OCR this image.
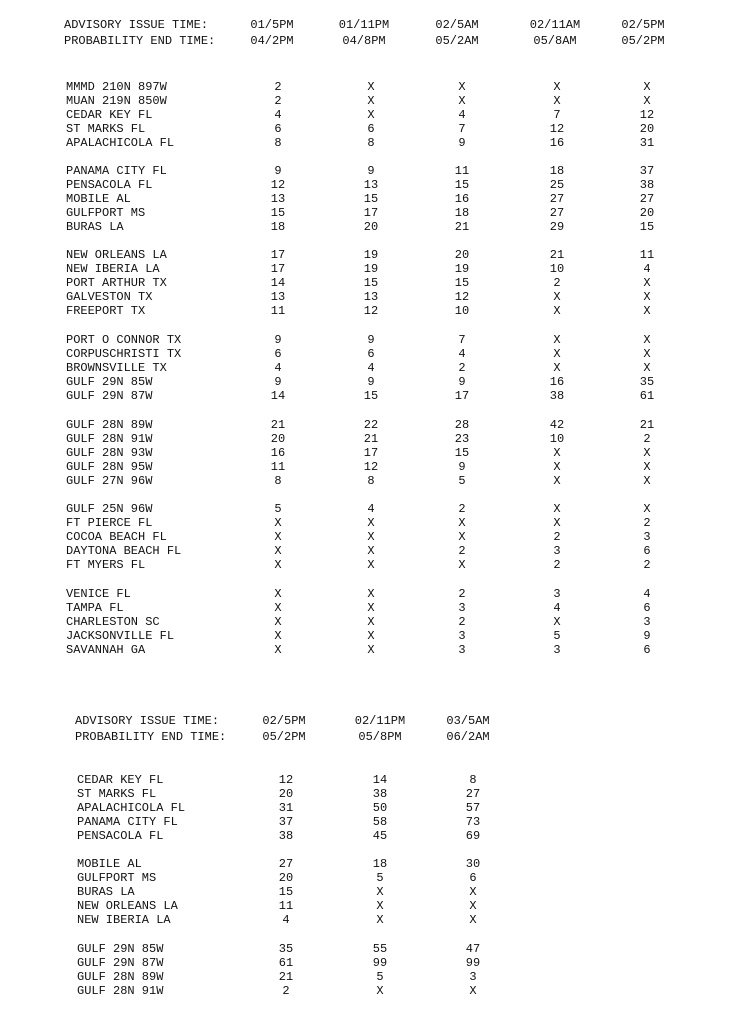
ADVISORY ISSUE TIME:	01/5PM	01/11PM	02/5AM	02/11AM	02/5PM
PROBABILITY END TIME:	04/2PM	04/8PM	05/2AM	05/8AM	05/2PM
MMMD 210N 897W	2	X	X	X	X
MUAN 219N 850W	2	X	X	X	X
CEDAR KEY FL	4	X	4	7	12
ST MARKS FL	6	6	7	12	20
APALACHICOLA FL	8	8	9	16	31
PANAMA CITY FL	9	9	11	18	37
PENSACOLA FL	12	13	15	25	38
MOBILE AL	13	15	16	27	27
GULFPORT MS	15	17	18	27	20
BURAS LA	18	20	21	29	15
NEW ORLEANS LA	17	19	20	21	11
NEW IBERIA LA	17	19	19	10	4
PORT ARTHUR TX	14	15	15	2	X
GALVESTON TX	13	13	12	X	X
FREEPORT TX	11	12	10	X	X
PORT O CONNOR TX	9	9	7	X	X
CORPUSCHRISTI TX	6	6	4	X	X
BROWNSVILLE TX	4	4	2	X	X
GULF 29N 85W	9	9	9	16	35
GULF 29N 87W	14	15	17	38	61
GULF 28N 89W	21	22	28	42	21
GULF 28N 91W	20	21	23	10	2
GULF 28N 93W	16	17	15	X	X
GULF 28N 95W	11	12	9	X	X
GULF 27N 96W	8	8	5	X	X
GULF 25N 96W	5	4	2	X	X
FT PIERCE FL	X	X	X	X	2
COCOA BEACH FL	X	X	X	2	3
DAYTONA BEACH FL	X	X	2	3	6
FT MYERS FL	X	X	X	2	2
VENICE FL	X	X	2	3	4
TAMPA FL	X	X	3	4	6
CHARLESTON SC	X	X	2	X	3
JACKSONVILLE FL	X	X	3	5	9
SAVANNAH GA	X	X	3	3	6
ADVISORY ISSUE TIME:	02/5PM	02/11PM	03/5AM
PROBABILITY END TIME:	05/2PM	05/8PM	06/2AM
CEDAR KEY FL	12	14	8
ST MARKS FL	20	38	27
APALACHICOLA FL	31	50	57
PANAMA CITY FL	37	58	73
PENSACOLA FL	38	45	69
MOBILE AL	27	18	30
GULFPORT MS	20	5	6
BURAS LA	15	X	X
NEW ORLEANS LA	11	X	X
NEW IBERIA LA	4	X	X
GULF 29N 85W	35	55	47
GULF 29N 87W	61	99	99
GULF 28N 89W	21	5	3
GULF 28N 91W	2	X	X
